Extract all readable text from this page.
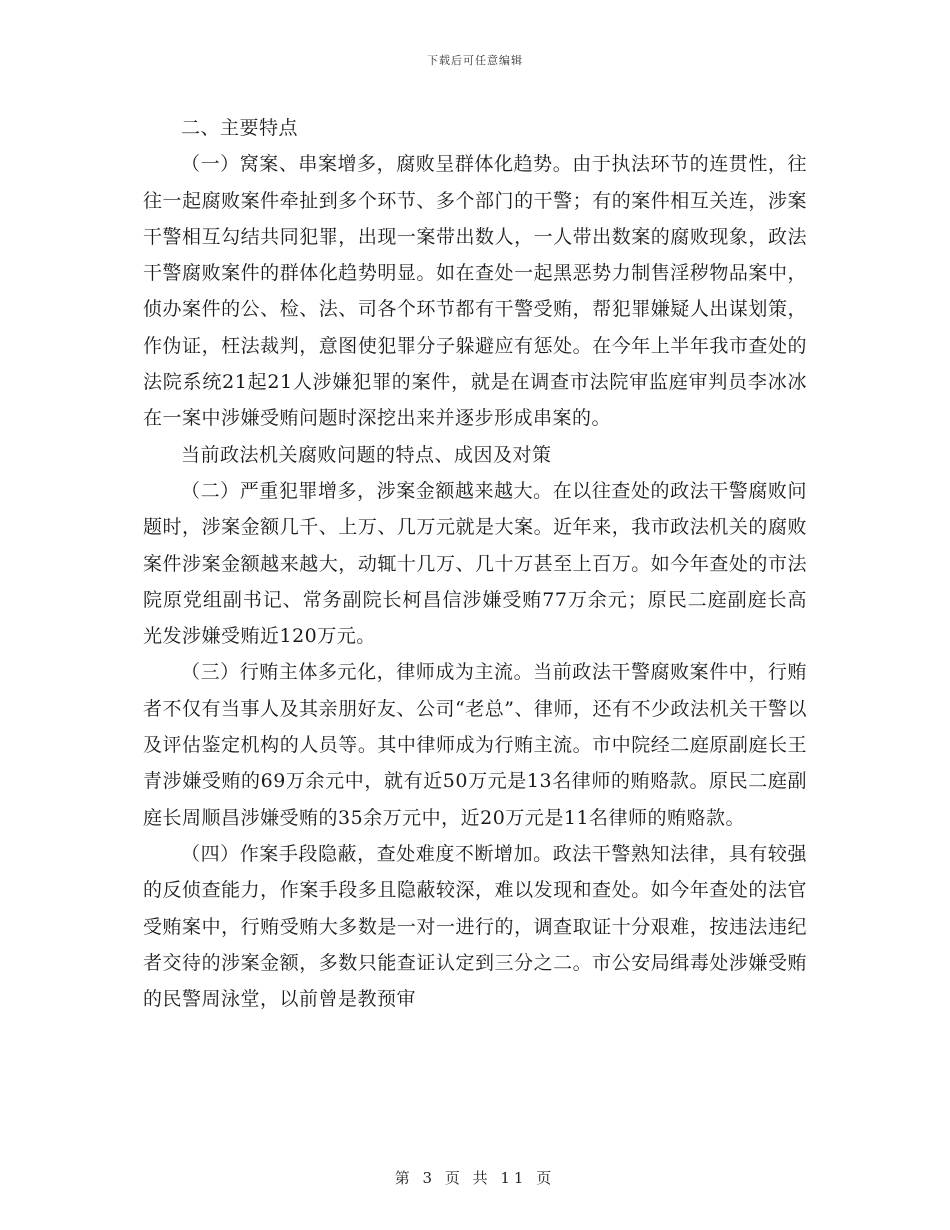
下载后可任意编辑

二、主要特点

（一）窝案、串案增多，腐败呈群体化趋势。由于执法环节的连贯性，往往一起腐败案件牵扯到多个环节、多个部门的干警；有的案件相互关连，涉案干警相互勾结共同犯罪，出现一案带出数人，一人带出数案的腐败现象，政法干警腐败案件的群体化趋势明显。如在查处一起黑恶势力制售淫秽物品案中，侦办案件的公、检、法、司各个环节都有干警受贿，帮犯罪嫌疑人出谋划策，作伪证，枉法裁判，意图使犯罪分子躲避应有惩处。在今年上半年我市查处的法院系统21起21人涉嫌犯罪的案件，就是在调查市法院审监庭审判员李冰冰在一案中涉嫌受贿问题时深挖出来并逐步形成串案的。

当前政法机关腐败问题的特点、成因及对策

（二）严重犯罪增多，涉案金额越来越大。在以往查处的政法干警腐败问题时，涉案金额几千、上万、几万元就是大案。近年来，我市政法机关的腐败案件涉案金额越来越大，动辄十几万、几十万甚至上百万。如今年查处的市法院原党组副书记、常务副院长柯昌信涉嫌受贿77万余元；原民二庭副庭长高光发涉嫌受贿近120万元。

（三）行贿主体多元化，律师成为主流。当前政法干警腐败案件中，行贿者不仅有当事人及其亲朋好友、公司“老总”、律师，还有不少政法机关干警以及评估鉴定机构的人员等。其中律师成为行贿主流。市中院经二庭原副庭长王青涉嫌受贿的69万余元中，就有近50万元是13名律师的贿赂款。原民二庭副庭长周顺昌涉嫌受贿的35余万元中，近20万元是11名律师的贿赂款。

（四）作案手段隐蔽，查处难度不断增加。政法干警熟知法律，具有较强的反侦查能力，作案手段多且隐蔽较深，难以发现和查处。如今年查处的法官受贿案中，行贿受贿大多数是一对一进行的，调查取证十分艰难，按违法违纪者交待的涉案金额，多数只能查证认定到三分之二。市公安局缉毒处涉嫌受贿的民警周泳堂，以前曾是教预审

第 3 页 共 11 页
